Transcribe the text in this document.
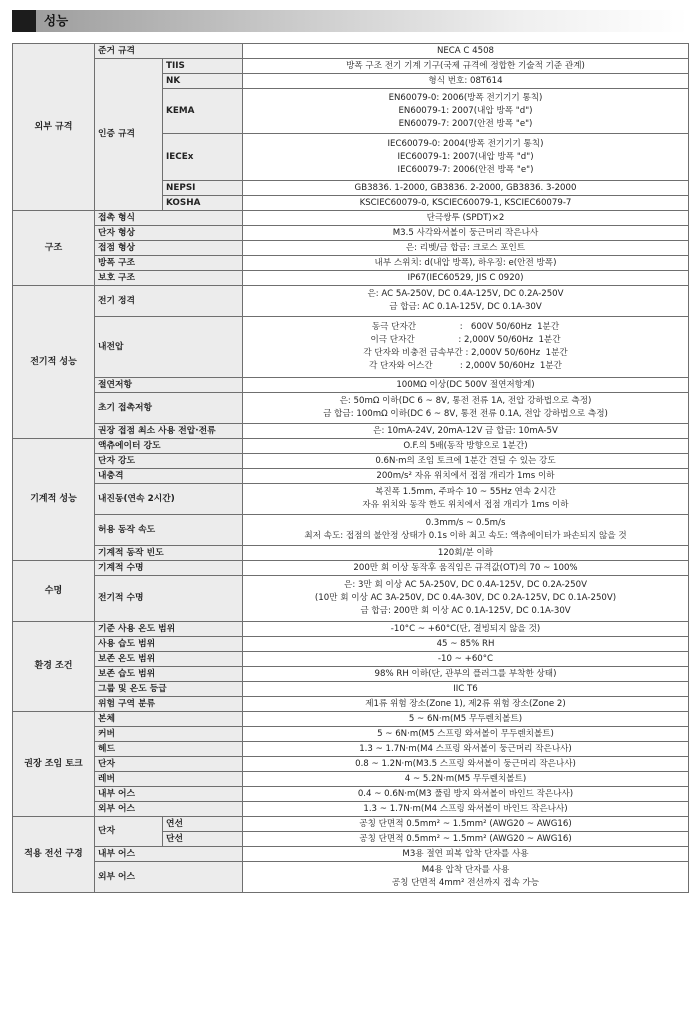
성능
외부 규격	준거 규격		NECA C 4508

	인증 규격	TIIS	방폭 구조 전기 기계 기구(국제 규격에 정합한 기술적 기준 관계)

		NK	형식 번호: 08T614

		KEMA	EN60079-0: 2006(방폭 전기기기 통칙)
EN60079-1: 2007(내압 방폭 "d")
EN60079-7: 2007(안전 방폭 "e")

		IECEx	IEC60079-0: 2004(방폭 전기기기 통칙)
IEC60079-1: 2007(내압 방폭 "d")
IEC60079-7: 2006(안전 방폭 "e")

		NEPSI	GB3836. 1-2000, GB3836. 2-2000, GB3836. 3-2000

		KOSHA	KSCIEC60079-0, KSCIEC60079-1, KSCIEC60079-7

구조	접촉 형식		단극쌍투 (SPDT)×2

	단자 형상		M3.5 사각와셔볼이 둥근머리 작은나사

	접점 형상		은: 리벳/금 합금: 크로스 포인트

	방폭 구조		내부 스위치: d(내압 방폭), 하우징: e(안전 방폭)

	보호 구조		IP67(IEC60529, JIS C 0920)

전기적 성능	전기 정격		은: AC 5A-250V, DC 0.4A-125V, DC 0.2A-250V
금 합금: AC 0.1A-125V, DC 0.1A-30V

	내전압		동극 단자간                :   600V 50/60Hz  1분간
이극 단자간                : 2,000V 50/60Hz  1분간
각 단자와 비충전 금속부간 : 2,000V 50/60Hz  1분간
각 단자와 어스간          : 2,000V 50/60Hz  1분간

	절연저항		100MΩ 이상(DC 500V 절연저항계)

	초기 접촉저항		은: 50mΩ 이하(DC 6 ~ 8V, 통전 전류 1A, 전압 강하법으로 측정)
금 합금: 100mΩ 이하(DC 6 ~ 8V, 통전 전류 0.1A, 전압 강하법으로 측정)

	권장 접점 최소 사용 전압·전류		은: 10mA-24V, 20mA-12V 금 합금: 10mA-5V

기계적 성능	액츄에이터 강도		O.F.의 5배(동작 방향으로 1분간)

	단자 강도		0.6N·m의 조임 토크에 1분간 견딜 수 있는 강도

	내충격		200m/s² 자유 위치에서 접점 개리가 1ms 이하

	내진동(연속 2시간)		복진폭 1.5mm, 주파수 10 ~ 55Hz 연속 2시간
자유 위치와 동작 한도 위치에서 접점 개리가 1ms 이하

	허용 동작 속도		0.3mm/s ~ 0.5m/s
최저 속도: 접점의 불안정 상태가 0.1s 이하 최고 속도: 액츄에이터가 파손되지 않을 것

	기계적 동작 빈도		120회/분 이하

수명	기계적 수명		200만 회 이상 동작후 움직임은 규격값(OT)의 70 ~ 100%

	전기적 수명		은: 3만 회 이상 AC 5A-250V, DC 0.4A-125V, DC 0.2A-250V
(10만 회 이상 AC 3A-250V, DC 0.4A-30V, DC 0.2A-125V, DC 0.1A-250V)
금 합금: 200만 회 이상 AC 0.1A-125V, DC 0.1A-30V

환경 조건	기준 사용 온도 범위		-10°C ~ +60°C(단, 결빙되지 않을 것)

	사용 습도 범위		45 ~ 85% RH

	보존 온도 범위		-10 ~ +60°C

	보존 습도 범위		98% RH 이하(단, 관부의 플러그를 부착한 상태)

	그룹 및 온도 등급		IIC T6

	위험 구역 분류		제1류 위험 장소(Zone 1), 제2류 위험 장소(Zone 2)

권장 조임 토크	본체		5 ~ 6N·m(M5 무두렌치볼트)

	커버		5 ~ 6N·m(M5 스프링 와셔볼이 무두렌치볼트)

	헤드		1.3 ~ 1.7N·m(M4 스프링 와셔볼이 둥근머리 작은나사)

	단자		0.8 ~ 1.2N·m(M3.5 스프링 와셔볼이 둥근머리 작은나사)

	레버		4 ~ 5.2N·m(M5 무두렌치볼트)

	내부 어스		0.4 ~ 0.6N·m(M3 풀림 방지 와셔볼이 바인드 작은나사)

	외부 어스		1.3 ~ 1.7N·m(M4 스프링 와셔볼이 바인드 작은나사)

적용 전선 구경	단자	연선	공칭 단면적 0.5mm² ~ 1.5mm² (AWG20 ~ AWG16)

		단선	공칭 단면적 0.5mm² ~ 1.5mm² (AWG20 ~ AWG16)

	내부 어스		M3용 절연 피복 압착 단자를 사용

	외부 어스		M4용 압착 단자를 사용
공칭 단면적 4mm² 전선까지 접속 가능
